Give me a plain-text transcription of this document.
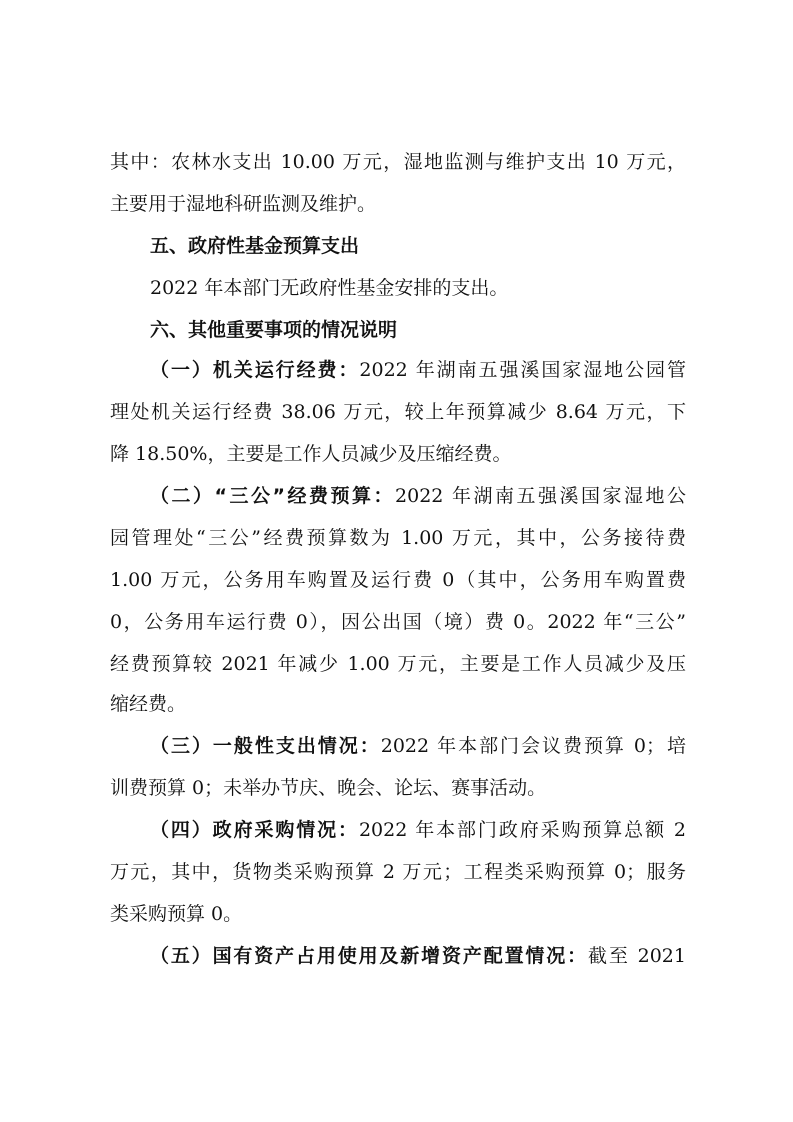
其中：农林水支出 10.00 万元，湿地监测与维护支出 10 万元，
主要用于湿地科研监测及维护。
五、政府性基金预算支出
2022 年本部门无政府性基金安排的支出。
六、其他重要事项的情况说明
（一）机关运行经费：2022 年湖南五强溪国家湿地公园管
理处机关运行经费 38.06 万元，较上年预算减少 8.64 万元，下
降 18.50%，主要是工作人员减少及压缩经费。
（二）“三公”经费预算：2022 年湖南五强溪国家湿地公
园管理处“三公”经费预算数为 1.00 万元，其中，公务接待费
1.00 万元，公务用车购置及运行费 0（其中，公务用车购置费
0，公务用车运行费 0），因公出国（境）费 0。2022 年“三公”
经费预算较 2021 年减少 1.00 万元，主要是工作人员减少及压
缩经费。
（三）一般性支出情况：2022 年本部门会议费预算 0；培
训费预算 0；未举办节庆、晚会、论坛、赛事活动。
（四）政府采购情况：2022 年本部门政府采购预算总额 2
万元，其中，货物类采购预算 2 万元；工程类采购预算 0；服务
类采购预算 0。
（五）国有资产占用使用及新增资产配置情况：截至 2021
